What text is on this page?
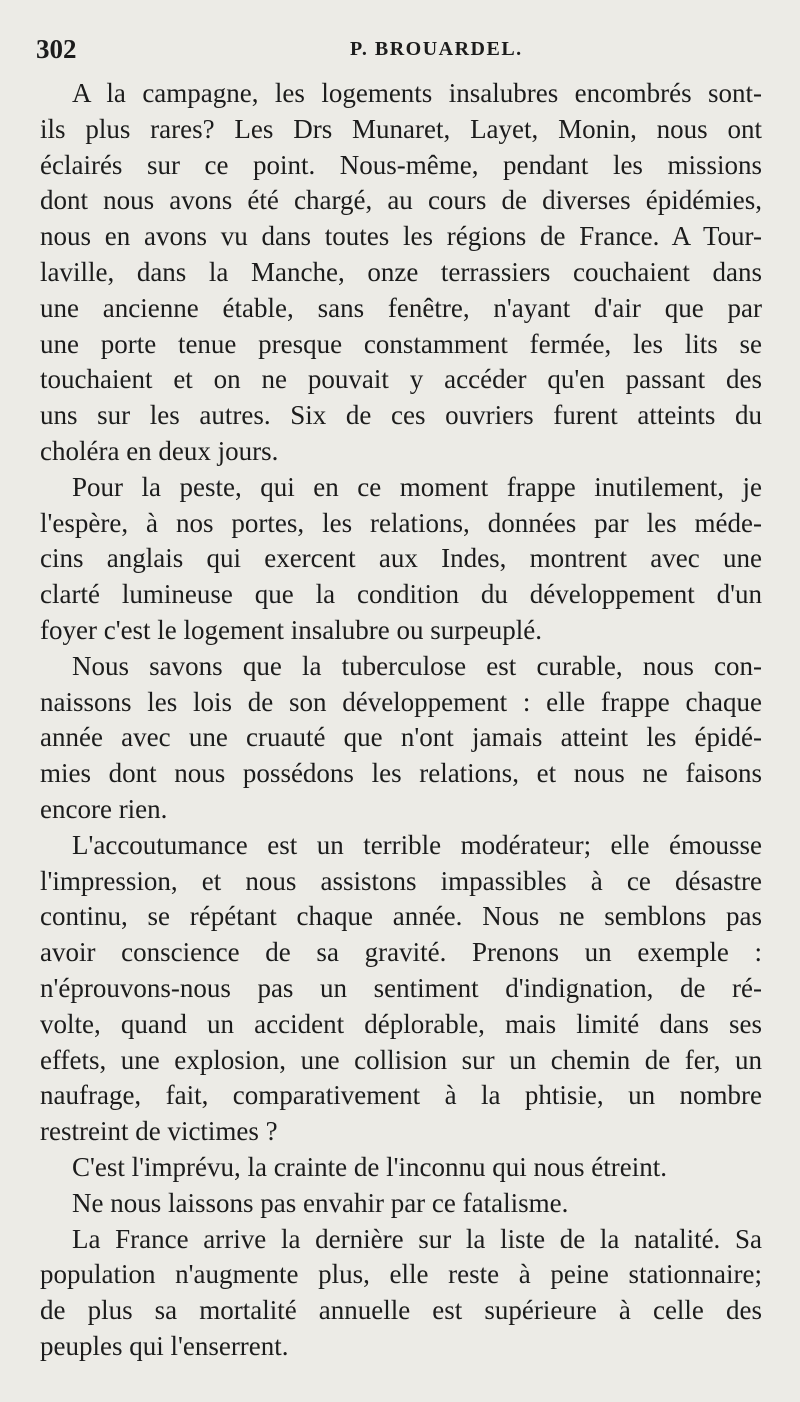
302	P. BROUARDEL.

A la campagne, les logements insalubres encombrés sont-
ils plus rares? Les Drs Munaret, Layet, Monin, nous ont
éclairés sur ce point. Nous-même, pendant les missions
dont nous avons été chargé, au cours de diverses épidémies,
nous en avons vu dans toutes les régions de France. A Tour-
laville, dans la Manche, onze terrassiers couchaient dans
une ancienne étable, sans fenêtre, n'ayant d'air que par
une porte tenue presque constamment fermée, les lits se
touchaient et on ne pouvait y accéder qu'en passant des
uns sur les autres. Six de ces ouvriers furent atteints du
choléra en deux jours.

Pour la peste, qui en ce moment frappe inutilement, je
l'espère, à nos portes, les relations, données par les méde-
cins anglais qui exercent aux Indes, montrent avec une
clarté lumineuse que la condition du développement d'un
foyer c'est le logement insalubre ou surpeuplé.

Nous savons que la tuberculose est curable, nous con-
naissons les lois de son développement : elle frappe chaque
année avec une cruauté que n'ont jamais atteint les épidé-
mies dont nous possédons les relations, et nous ne faisons
encore rien.

L'accoutumance est un terrible modérateur; elle émousse
l'impression, et nous assistons impassibles à ce désastre
continu, se répétant chaque année. Nous ne semblons pas
avoir conscience de sa gravité. Prenons un exemple :
n'éprouvons-nous pas un sentiment d'indignation, de ré-
volte, quand un accident déplorable, mais limité dans ses
effets, une explosion, une collision sur un chemin de fer, un
naufrage, fait, comparativement à la phtisie, un nombre
restreint de victimes ?

C'est l'imprévu, la crainte de l'inconnu qui nous étreint.

Ne nous laissons pas envahir par ce fatalisme.

La France arrive la dernière sur la liste de la natalité. Sa
population n'augmente plus, elle reste à peine stationnaire;
de plus sa mortalité annuelle est supérieure à celle des
peuples qui l'enserrent.
